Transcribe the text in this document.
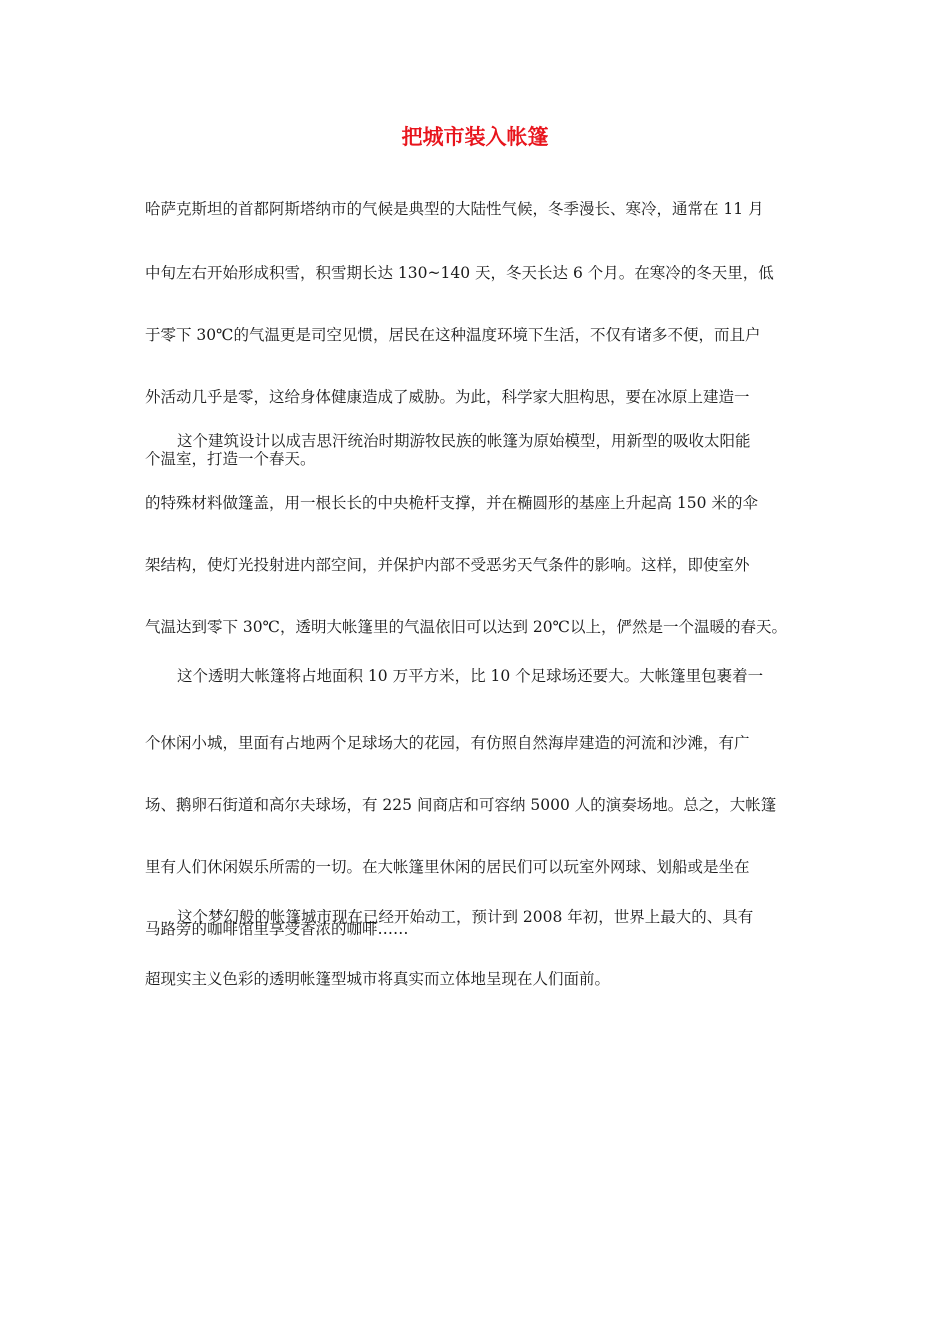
把城市装入帐篷
哈萨克斯坦的首都阿斯塔纳市的气候是典型的大陆性气候，冬季漫长、寒冷，通常在 11 月
中旬左右开始形成积雪，积雪期长达 130~140 天，冬天长达 6 个月。在寒冷的冬天里，低
于零下 30℃的气温更是司空见惯，居民在这种温度环境下生活，不仅有诸多不便，而且户
外活动几乎是零，这给身体健康造成了威胁。为此，科学家大胆构思，要在冰原上建造一
个温室，打造一个春天。
这个建筑设计以成吉思汗统治时期游牧民族的帐篷为原始模型，用新型的吸收太阳能
的特殊材料做篷盖，用一根长长的中央桅杆支撑，并在椭圆形的基座上升起高 150 米的伞
架结构，使灯光投射进内部空间，并保护内部不受恶劣天气条件的影响。这样，即使室外
气温达到零下 30℃，透明大帐篷里的气温依旧可以达到 20℃以上，俨然是一个温暖的春天。
这个透明大帐篷将占地面积 10 万平方米，比 10 个足球场还要大。大帐篷里包裹着一
个休闲小城，里面有占地两个足球场大的花园，有仿照自然海岸建造的河流和沙滩，有广
场、鹅卵石街道和高尔夫球场，有 225 间商店和可容纳 5000 人的演奏场地。总之，大帐篷
里有人们休闲娱乐所需的一切。在大帐篷里休闲的居民们可以玩室外网球、划船或是坐在
马路旁的咖啡馆里享受香浓的咖啡……
这个梦幻般的帐篷城市现在已经开始动工，预计到 2008 年初，世界上最大的、具有
超现实主义色彩的透明帐篷型城市将真实而立体地呈现在人们面前。
